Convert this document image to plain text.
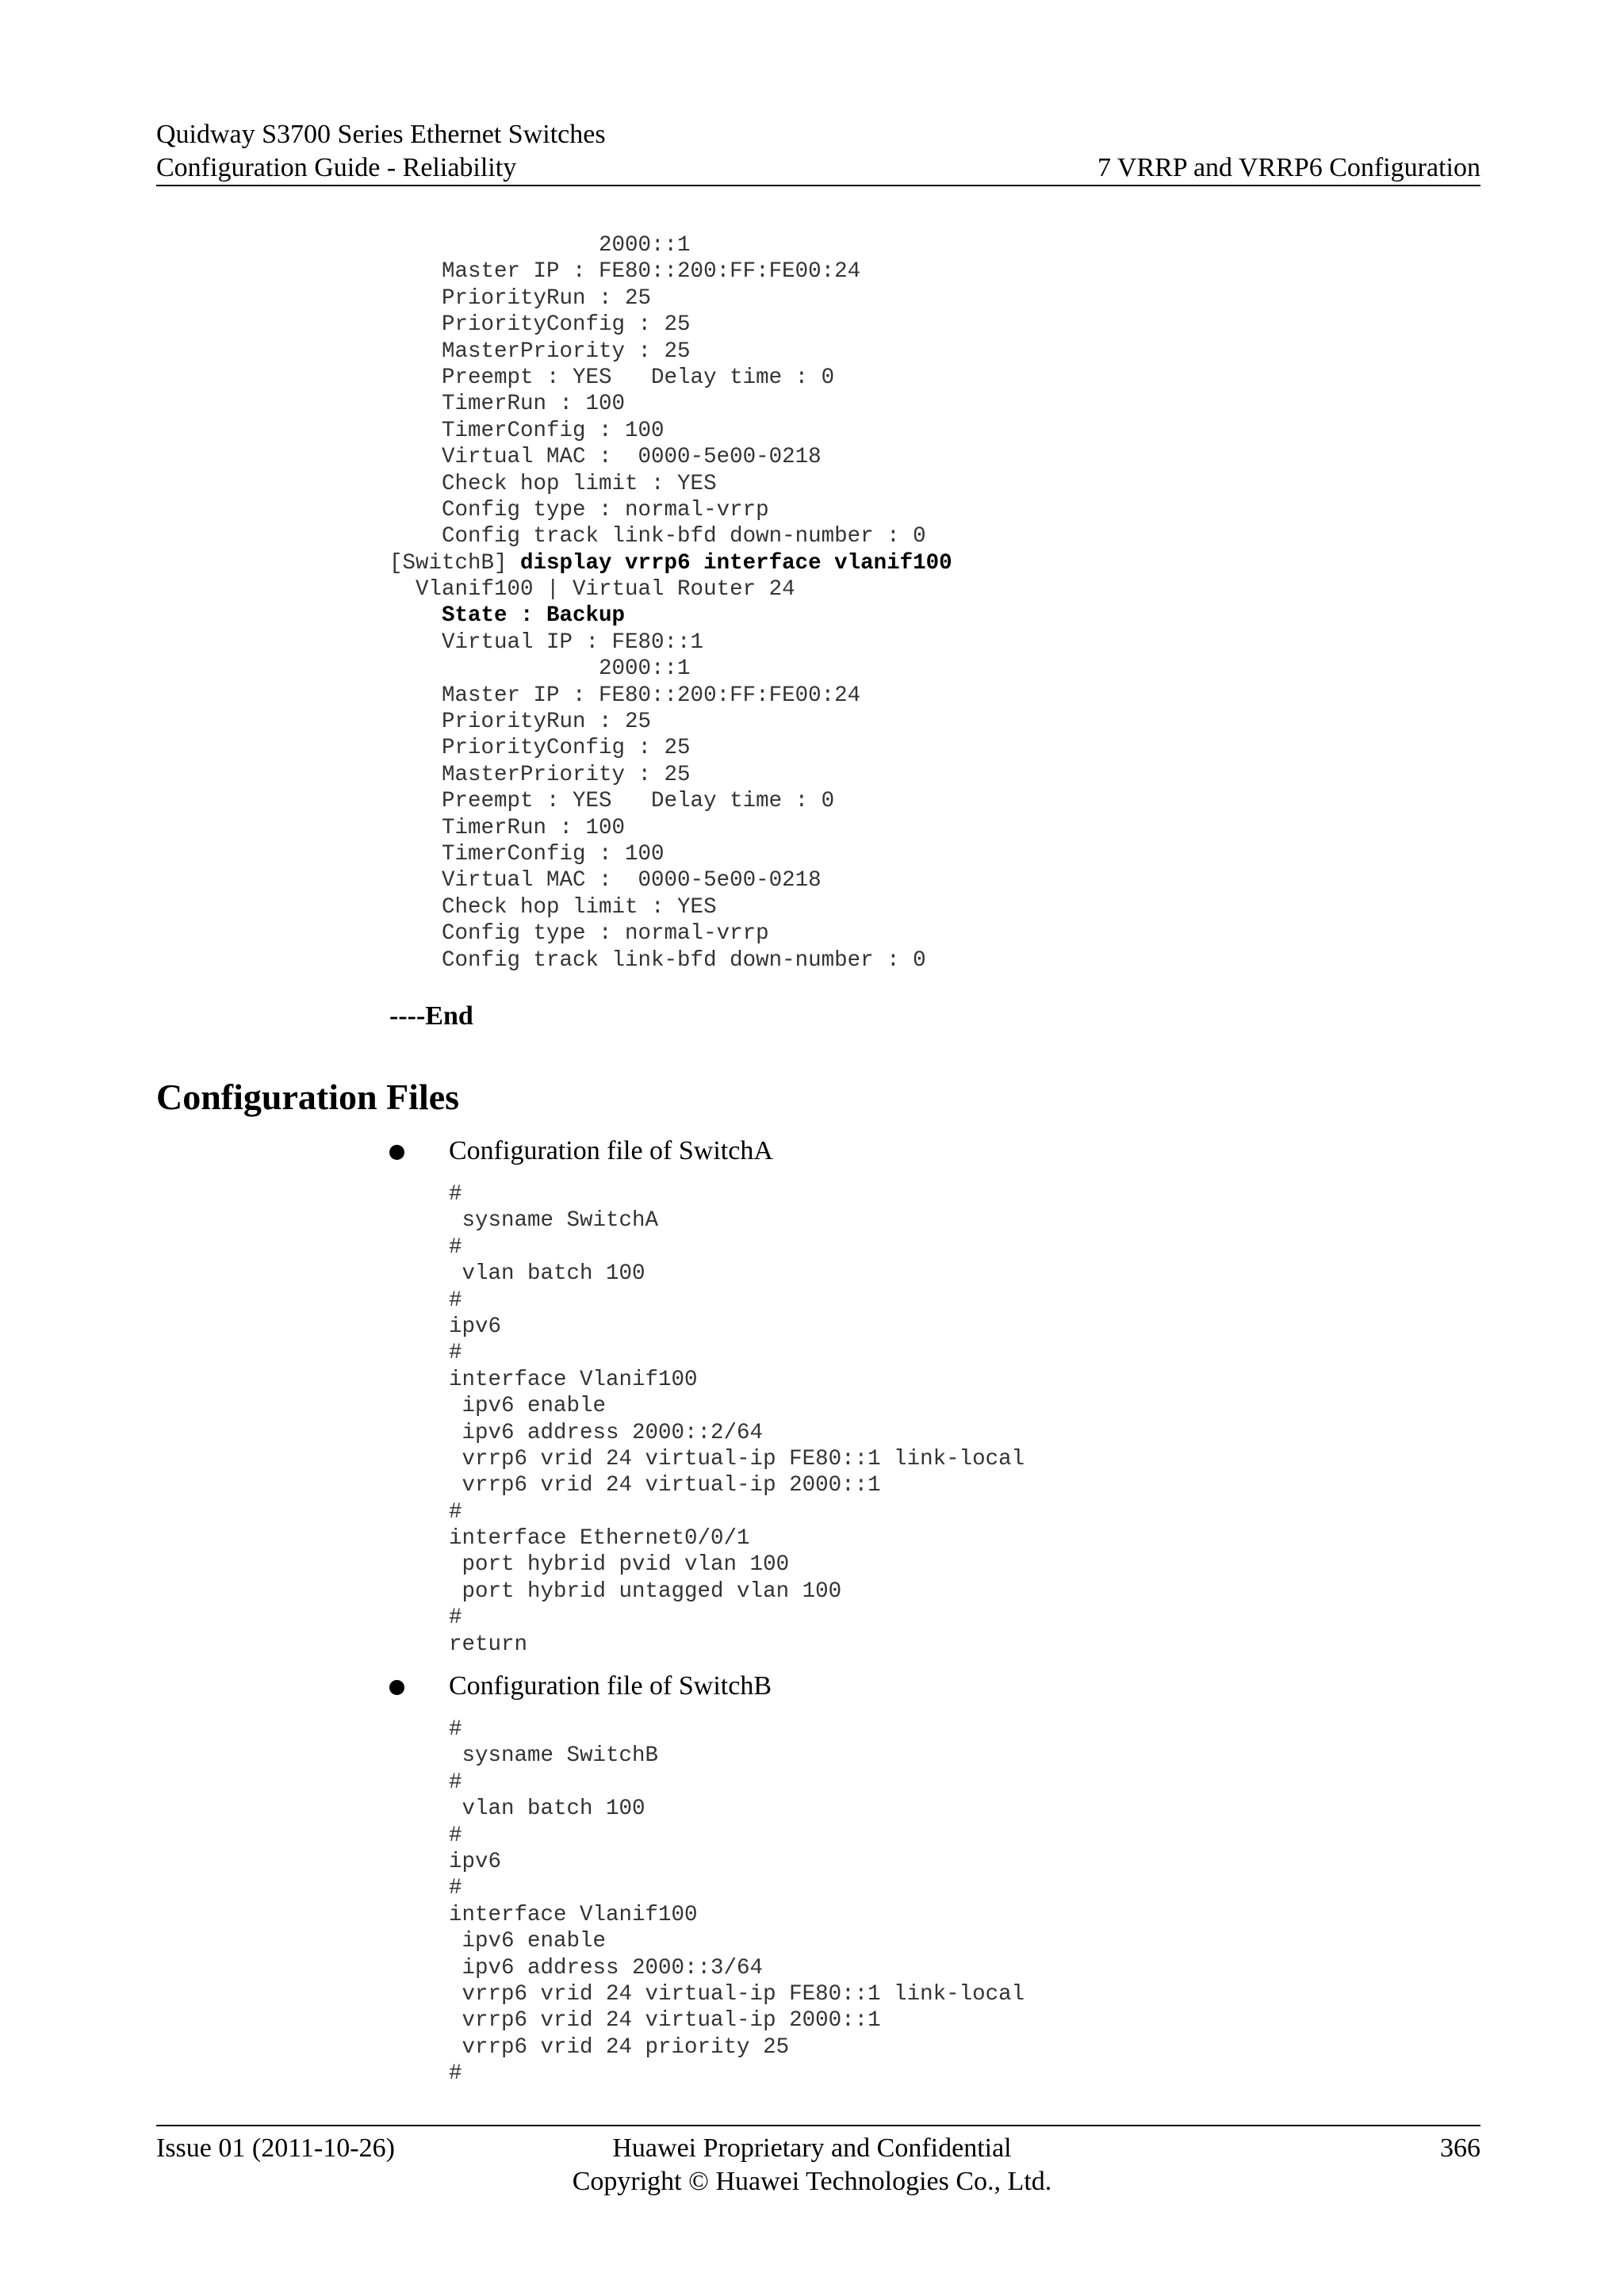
Quidway S3700 Series Ethernet Switches
Configuration Guide - Reliability	7 VRRP and VRRP6 Configuration
2000::1
Master IP : FE80::200:FF:FE00:24
PriorityRun : 25
PriorityConfig : 25
MasterPriority : 25
Preempt : YES   Delay time : 0
TimerRun : 100
TimerConfig : 100
Virtual MAC :  0000-5e00-0218
Check hop limit : YES
Config type : normal-vrrp
Config track link-bfd down-number : 0
[SwitchB] display vrrp6 interface vlanif100
Vlanif100 | Virtual Router 24
State : Backup
Virtual IP : FE80::1
2000::1
Master IP : FE80::200:FF:FE00:24
PriorityRun : 25
PriorityConfig : 25
MasterPriority : 25
Preempt : YES   Delay time : 0
TimerRun : 100
TimerConfig : 100
Virtual MAC :  0000-5e00-0218
Check hop limit : YES
Config type : normal-vrrp
Config track link-bfd down-number : 0
----End
Configuration Files
Configuration file of SwitchA
#
sysname SwitchA
#
vlan batch 100
#
ipv6
#
interface Vlanif100
ipv6 enable
ipv6 address 2000::2/64
vrrp6 vrid 24 virtual-ip FE80::1 link-local
vrrp6 vrid 24 virtual-ip 2000::1
#
interface Ethernet0/0/1
port hybrid pvid vlan 100
port hybrid untagged vlan 100
#
return
Configuration file of SwitchB
#
sysname SwitchB
#
vlan batch 100
#
ipv6
#
interface Vlanif100
ipv6 enable
ipv6 address 2000::3/64
vrrp6 vrid 24 virtual-ip FE80::1 link-local
vrrp6 vrid 24 virtual-ip 2000::1
vrrp6 vrid 24 priority 25
#
Issue 01 (2011-10-26)	Huawei Proprietary and Confidential
Copyright © Huawei Technologies Co., Ltd.
366
